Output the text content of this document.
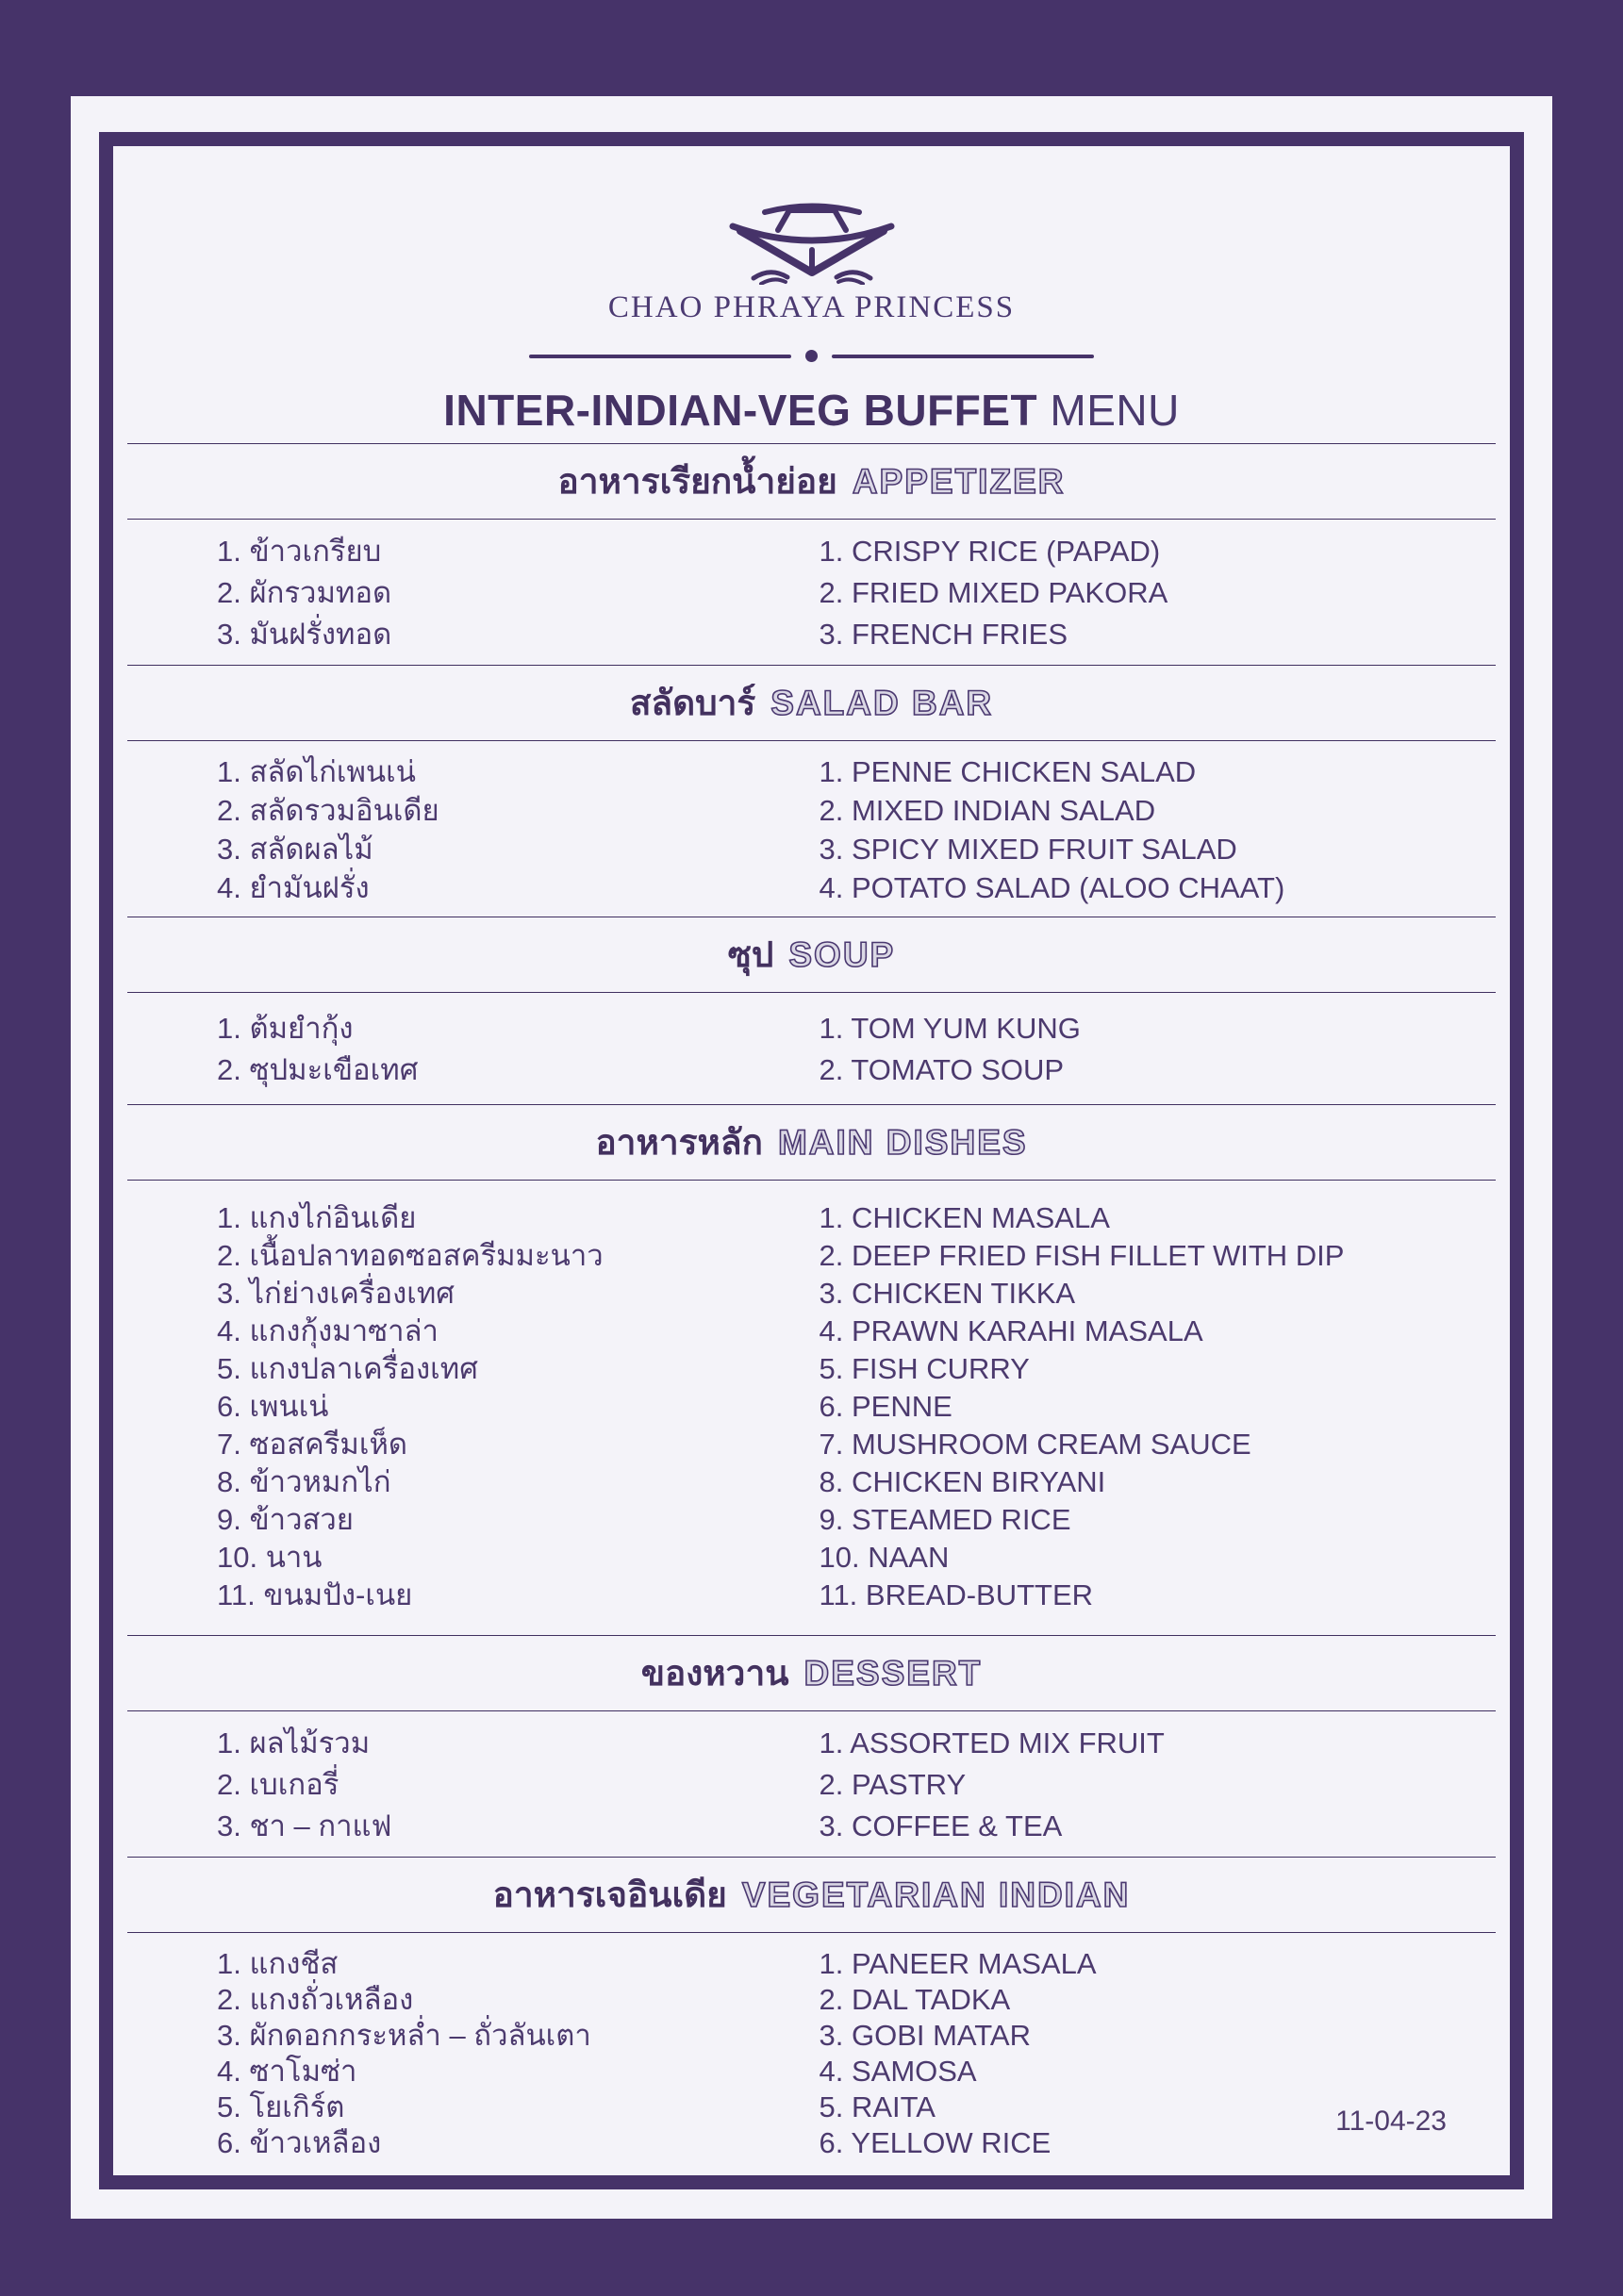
CHAO PHRAYA PRINCESS
INTER-INDIAN-VEG BUFFET MENU
อาหารเรียกน้ำย่อย APPETIZER
1. ข้าวเกรียบ
2. ผักรวมทอด
3. มันฝรั่งทอด
1. CRISPY RICE (PAPAD)
2. FRIED MIXED PAKORA
3. FRENCH FRIES
สลัดบาร์ SALAD BAR
1. สลัดไก่เพนเน่
2. สลัดรวมอินเดีย
3. สลัดผลไม้
4. ยำมันฝรั่ง
1. PENNE CHICKEN SALAD
2. MIXED INDIAN SALAD
3. SPICY MIXED FRUIT SALAD
4. POTATO SALAD (ALOO CHAAT)
ซุป SOUP
1. ต้มยำกุ้ง
2. ซุปมะเขือเทศ
1. TOM YUM KUNG
2. TOMATO SOUP
อาหารหลัก MAIN DISHES
1. แกงไก่อินเดีย
2. เนื้อปลาทอดซอสครีมมะนาว
3. ไก่ย่างเครื่องเทศ
4. แกงกุ้งมาซาล่า
5. แกงปลาเครื่องเทศ
6. เพนเน่
7. ซอสครีมเห็ด
8. ข้าวหมกไก่
9. ข้าวสวย
10. นาน
11. ขนมปัง-เนย
1. CHICKEN MASALA
2. DEEP FRIED FISH FILLET WITH DIP
3. CHICKEN TIKKA
4. PRAWN KARAHI MASALA
5. FISH CURRY
6. PENNE
7. MUSHROOM CREAM SAUCE
8. CHICKEN BIRYANI
9. STEAMED RICE
10. NAAN
11. BREAD-BUTTER
ของหวาน DESSERT
1. ผลไม้รวม
2. เบเกอรี่
3. ชา – กาแฟ
1. ASSORTED MIX FRUIT
2. PASTRY
3. COFFEE & TEA
อาหารเจอินเดีย VEGETARIAN INDIAN
1. แกงชีส
2. แกงถั่วเหลือง
3. ผักดอกกระหล่ำ – ถั่วลันเตา
4. ซาโมซ่า
5. โยเกิร์ต
6. ข้าวเหลือง
1. PANEER MASALA
2. DAL TADKA
3. GOBI MATAR
4. SAMOSA
5. RAITA
6. YELLOW RICE
11-04-23
